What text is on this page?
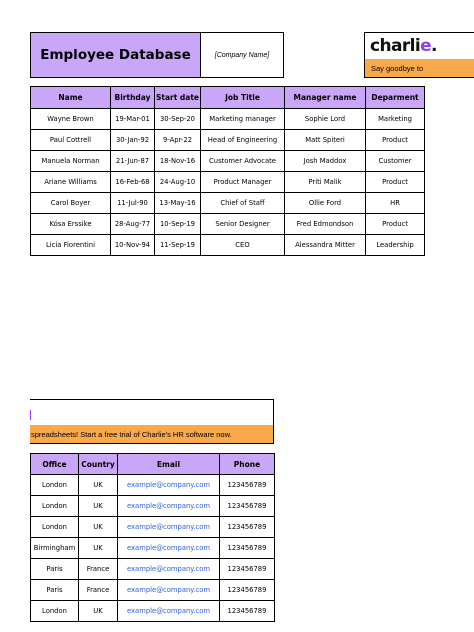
Employee Database	[Company Name]	charlie.
Say goodbye to
Name	Birthday	Start date	Job Title	Manager name	Deparment
Wayne Brown	19-Mar-01	30-Sep-20	Marketing manager	Sophie Lord	Marketing
Paul Cottrell	30-Jan-92	9-Apr-22	Head of Engineering	Matt Spiteri	Product
Manuela Norman	21-Jun-87	18-Nov-16	Customer Advocate	Josh Maddox	Customer
Ariane Williams	16-Feb-68	24-Aug-10	Product Manager	Priti Malik	Product
Carol Boyer	11-Jul-90	13-May-16	Chief of Staff	Ollie Ford	HR
Kósa Erssike	28-Aug-77	10-Sep-19	Senior Designer	Fred Edmondson	Product
Licia Fiorentini	10-Nov-94	11-Sep-19	CEO	Alessandra Mitter	Leadership
spreadsheets! Start a free trial of Charlie's HR software now.
Office	Country	Email	Phone
London	UK	example@company.com	123456789
London	UK	example@company.com	123456789
London	UK	example@company.com	123456789
Birmingham	UK	example@company.com	123456789
Paris	France	example@company.com	123456789
Paris	France	example@company.com	123456789
London	UK	example@company.com	123456789
